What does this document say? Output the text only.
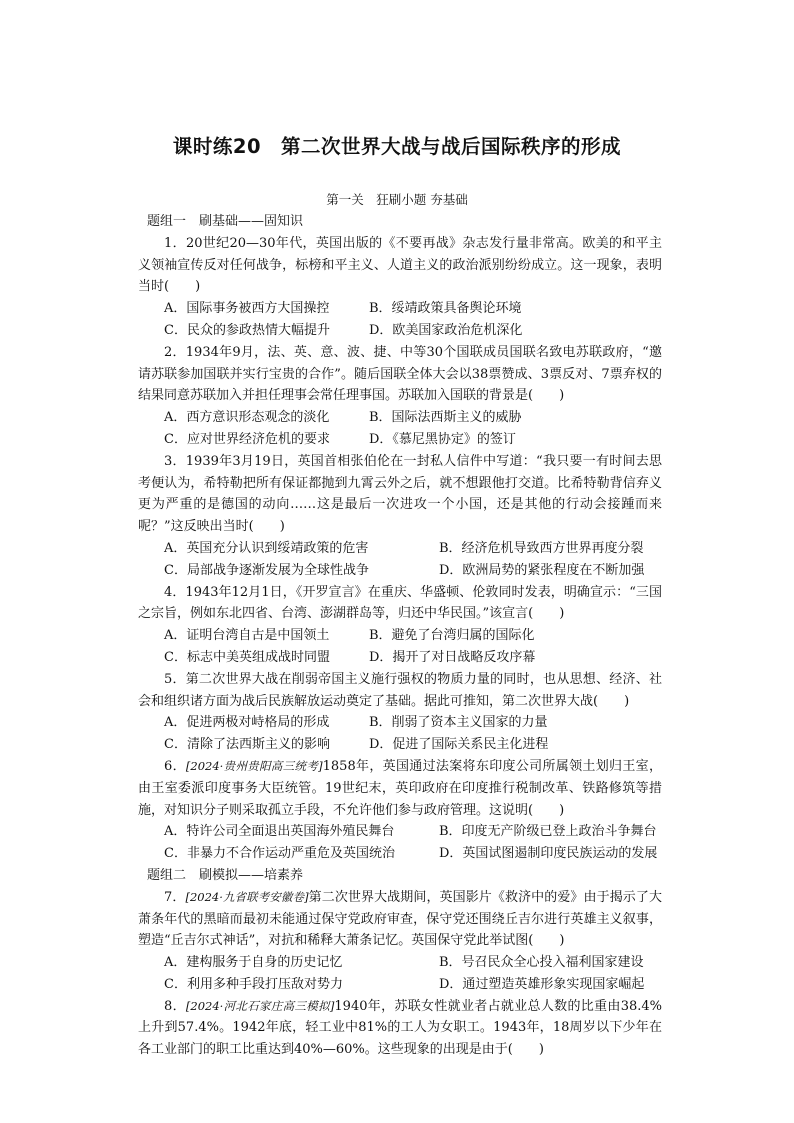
课时练20　第二次世界大战与战后国际秩序的形成
第一关　狂刷小题 夯基础
题组一　刷基础——固知识
1．20世纪20—30年代，英国出版的《不要再战》杂志发行量非常高。欧美的和平主义领袖宣传反对任何战争，标榜和平主义、人道主义的政治派别纷纷成立。这一现象，表明当时(　　)
A．国际事务被西方大国操控	B．绥靖政策具备舆论环境
C．民众的参政热情大幅提升	D．欧美国家政治危机深化
2．1934年9月，法、英、意、波、捷、中等30个国联成员国联名致电苏联政府，“邀请苏联参加国联并实行宝贵的合作”。随后国联全体大会以38票赞成、3票反对、7票弃权的结果同意苏联加入并担任理事会常任理事国。苏联加入国联的背景是(　　)
A．西方意识形态观念的淡化	B．国际法西斯主义的威胁
C．应对世界经济危机的要求	D．《慕尼黑协定》的签订
3．1939年3月19日，英国首相张伯伦在一封私人信件中写道：“我只要一有时间去思考便认为，希特勒把所有保证都抛到九霄云外之后，就不想跟他打交道。比希特勒背信弃义更为严重的是德国的动向……这是最后一次进攻一个小国，还是其他的行动会接踵而来呢？”这反映出当时(　　)
A．英国充分认识到绥靖政策的危害	B．经济危机导致西方世界再度分裂
C．局部战争逐渐发展为全球性战争	D．欧洲局势的紧张程度在不断加强
4．1943年12月1日，《开罗宣言》在重庆、华盛顿、伦敦同时发表，明确宣示：“三国之宗旨，例如东北四省、台湾、澎湖群岛等，归还中华民国。”该宣言(　　)
A．证明台湾自古是中国领土	B．避免了台湾归属的国际化
C．标志中美英组成战时同盟	D．揭开了对日战略反攻序幕
5．第二次世界大战在削弱帝国主义施行强权的物质力量的同时，也从思想、经济、社会和组织诸方面为战后民族解放运动奠定了基础。据此可推知，第二次世界大战(　　)
A．促进两极对峙格局的形成	B．削弱了资本主义国家的力量
C．清除了法西斯主义的影响	D．促进了国际关系民主化进程
6．[2024·贵州贵阳高三统考]1858年，英国通过法案将东印度公司所属领土划归王室，由王室委派印度事务大臣统管。19世纪末，英印政府在印度推行税制改革、铁路修筑等措施，对知识分子则采取孤立手段，不允许他们参与政府管理。这说明(　　)
A．特许公司全面退出英国海外殖民舞台	B．印度无产阶级已登上政治斗争舞台
C．非暴力不合作运动严重危及英国统治	D．英国试图遏制印度民族运动的发展
题组二　刷模拟——培素养
7．[2024·九省联考安徽卷]第二次世界大战期间，英国影片《救济中的爱》由于揭示了大萧条年代的黑暗而最初未能通过保守党政府审查，保守党还围绕丘吉尔进行英雄主义叙事，塑造“丘吉尔式神话”，对抗和稀释大萧条记忆。英国保守党此举试图(　　)
A．建构服务于自身的历史记忆	B．号召民众全心投入福利国家建设
C．利用多种手段打压敌对势力	D．通过塑造英雄形象实现国家崛起
8．[2024·河北石家庄高三模拟]1940年，苏联女性就业者占就业总人数的比重由38.4%上升到57.4%。1942年底，轻工业中81%的工人为女职工。1943年，18周岁以下少年在各工业部门的职工比重达到40%—60%。这些现象的出现是由于(　　)
